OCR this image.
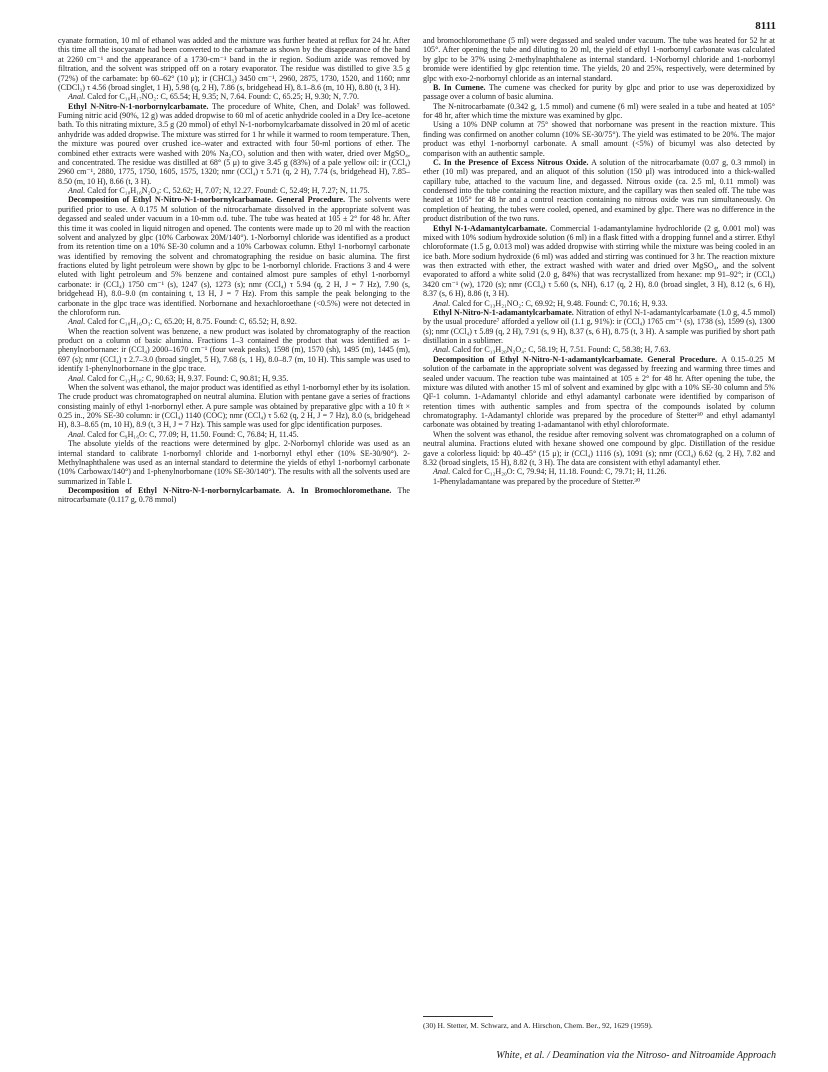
8111

cyanate formation, 10 ml of ethanol was added and the mixture was further heated at reflux for 24 hr. After this time all the isocyanate had been converted to the carbamate as shown by the disappearance of the band at 2260 cm⁻¹ and the appearance of a 1730-cm⁻¹ band in the ir region. Sodium azide was removed by filtration, and the solvent was stripped off on a rotary evaporator. The residue was distilled to give 3.5 g (72%) of the carbamate: bp 60–62° (10 μ); ir (CHCl₃) 3450 cm⁻¹, 2960, 2875, 1730, 1520, and 1160; nmr (CDCl₃) τ 4.56 (broad singlet, 1 H), 5.98 (q, 2 H), 7.86 (s, bridgehead H), 8.1–8.6 (m, 10 H), 8.80 (t, 3 H).

Anal. Calcd for C₁₀H₁₇NO₂: C, 65.54; H, 9.35; N, 7.64. Found: C, 65.25; H, 9.30; N, 7.70.

Ethyl N-Nitro-N-1-norbornylcarbamate. The procedure of White, Chen, and Dolak⁷ was followed. Fuming nitric acid (90%, 12 g) was added dropwise to 60 ml of acetic anhydride cooled in a Dry Ice–acetone bath. To this nitrating mixture, 3.5 g (20 mmol) of ethyl N-1-norbornylcarbamate dissolved in 20 ml of acetic anhydride was added dropwise. The mixture was stirred for 1 hr while it warmed to room temperature. Then, the mixture was poured over crushed ice–water and extracted with four 50-ml portions of ether. The combined ether extracts were washed with 20% Na₂CO₃ solution and then with water, dried over MgSO₄, and concentrated. The residue was distilled at 68° (5 μ) to give 3.45 g (83%) of a pale yellow oil: ir (CCl₄) 2960 cm⁻¹, 2880, 1775, 1750, 1605, 1575, 1320; nmr (CCl₄) τ 5.71 (q, 2 H), 7.74 (s, bridgehead H), 7.85–8.50 (m, 10 H), 8.66 (t, 3 H).

Anal. Calcd for C₁₀H₁₆N₂O₄: C, 52.62; H, 7.07; N, 12.27. Found: C, 52.49; H, 7.27; N, 11.75.

Decomposition of Ethyl N-Nitro-N-1-norbornylcarbamate. General Procedure. The solvents were purified prior to use. A 0.175 M solution of the nitrocarbamate dissolved in the appropriate solvent was degassed and sealed under vacuum in a 10-mm o.d. tube. The tube was heated at 105 ± 2° for 48 hr. After this time it was cooled in liquid nitrogen and opened. The contents were made up to 20 ml with the reaction solvent and analyzed by glpc (10% Carbowax 20M/140°). 1-Norbornyl chloride was identified as a product from its retention time on a 10% SE-30 column and a 10% Carbowax column. Ethyl 1-norbornyl carbonate was identified by removing the solvent and chromatographing the residue on basic alumina. The first fractions eluted by light petroleum were shown by glpc to be 1-norbornyl chloride. Fractions 3 and 4 were eluted with light petroleum and 5% benzene and contained almost pure samples of ethyl 1-norbornyl carbonate: ir (CCl₄) 1750 cm⁻¹ (s), 1247 (s), 1273 (s); nmr (CCl₄) τ 5.94 (q, 2 H, J = 7 Hz), 7.90 (s, bridgehead H), 8.0–9.0 (m containing t, 13 H, J = 7 Hz). From this sample the peak belonging to the carbonate in the glpc trace was identified. Norbornane and hexachloroethane (<0.5%) were not detected in the chloroform run.

Anal. Calcd for C₁₀H₁₆O₃: C, 65.20; H, 8.75. Found: C, 65.52; H, 8.92.

When the reaction solvent was benzene, a new product was isolated by chromatography of the reaction product on a column of basic alumina. Fractions 1–3 contained the product that was identified as 1-phenylnorbornane: ir (CCl₄) 2000–1670 cm⁻¹ (four weak peaks), 1598 (m), 1570 (sh), 1495 (m), 1445 (m), 697 (s); nmr (CCl₄) τ 2.7–3.0 (broad singlet, 5 H), 7.68 (s, 1 H), 8.0–8.7 (m, 10 H). This sample was used to identify 1-phenylnorbornane in the glpc trace.

Anal. Calcd for C₁₃H₁₆: C, 90.63; H, 9.37. Found: C, 90.81; H, 9.35.

When the solvent was ethanol, the major product was identified as ethyl 1-norbornyl ether by its isolation. The crude product was chromatographed on neutral alumina. Elution with pentane gave a series of fractions consisting mainly of ethyl 1-norbornyl ether. A pure sample was obtained by preparative glpc with a 10 ft × 0.25 in., 20% SE-30 column: ir (CCl₄) 1140 (COC); nmr (CCl₄) τ 5.62 (q, 2 H, J = 7 Hz), 8.0 (s, bridgehead H), 8.3–8.65 (m, 10 H), 8.9 (t, 3 H, J = 7 Hz). This sample was used for glpc identification purposes.

Anal. Calcd for C₉H₁₆O: C, 77.09; H, 11.50. Found: C, 76.84; H, 11.45.

The absolute yields of the reactions were determined by glpc. 2-Norbornyl chloride was used as an internal standard to calibrate 1-norbornyl chloride and 1-norbornyl ethyl ether (10% SE-30/90°). 2-Methylnaphthalene was used as an internal standard to determine the yields of ethyl 1-norbornyl carbonate (10% Carbowax/140°) and 1-phenylnorbornane (10% SE-30/140°). The results with all the solvents used are summarized in Table I.

Decomposition of Ethyl N-Nitro-N-1-norbornylcarbamate. A. In Bromochloromethane. The nitrocarbamate (0.117 g, 0.78 mmol)

and bromochloromethane (5 ml) were degassed and sealed under vacuum. The tube was heated for 52 hr at 105°. After opening the tube and diluting to 20 ml, the yield of ethyl 1-norbornyl carbonate was calculated by glpc to be 37% using 2-methylnaphthalene as internal standard. 1-Norbornyl chloride and 1-norbornyl bromide were identified by glpc retention time. The yields, 20 and 25%, respectively, were determined by glpc with exo-2-norbornyl chloride as an internal standard.

B. In Cumene. The cumene was checked for purity by glpc and prior to use was deperoxidized by passage over a column of basic alumina.

The N-nitrocarbamate (0.342 g, 1.5 mmol) and cumene (6 ml) were sealed in a tube and heated at 105° for 48 hr, after which time the mixture was examined by glpc.

Using a 10% DNP column at 75° showed that norbornane was present in the reaction mixture. This finding was confirmed on another column (10% SE-30/75°). The yield was estimated to be 20%. The major product was ethyl 1-norbornyl carbonate. A small amount (<5%) of bicumyl was also detected by comparison with an authentic sample.

C. In the Presence of Excess Nitrous Oxide. A solution of the nitrocarbamate (0.07 g, 0.3 mmol) in ether (10 ml) was prepared, and an aliquot of this solution (150 μl) was introduced into a thick-walled capillary tube, attached to the vacuum line, and degassed. Nitrous oxide (ca. 2.5 ml, 0.11 mmol) was condensed into the tube containing the reaction mixture, and the capillary was then sealed off. The tube was heated at 105° for 48 hr and a control reaction containing no nitrous oxide was run simultaneously. On completion of heating, the tubes were cooled, opened, and examined by glpc. There was no difference in the product distribution of the two runs.

Ethyl N-1-Adamantylcarbamate. Commercial 1-adamantylamine hydrochloride (2 g, 0.001 mol) was mixed with 10% sodium hydroxide solution (6 ml) in a flask fitted with a dropping funnel and a stirrer. Ethyl chloroformate (1.5 g, 0.013 mol) was added dropwise with stirring while the mixture was being cooled in an ice bath. More sodium hydroxide (6 ml) was added and stirring was continued for 3 hr. The reaction mixture was then extracted with ether, the extract washed with water and dried over MgSO₄, and the solvent evaporated to afford a white solid (2.0 g, 84%) that was recrystallized from hexane: mp 91–92°; ir (CCl₄) 3420 cm⁻¹ (w), 1720 (s); nmr (CCl₄) τ 5.60 (s, NH), 6.17 (q, 2 H), 8.0 (broad singlet, 3 H), 8.12 (s, 6 H), 8.37 (s, 6 H), 8.86 (t, 3 H).

Anal. Calcd for C₁₃H₂₁NO₂: C, 69.92; H, 9.48. Found: C, 70.16; H, 9.33.

Ethyl N-Nitro-N-1-adamantylcarbamate. Nitration of ethyl N-1-adamantylcarbamate (1.0 g, 4.5 mmol) by the usual procedure⁷ afforded a yellow oil (1.1 g, 91%): ir (CCl₄) 1765 cm⁻¹ (s), 1738 (s), 1599 (s), 1300 (s); nmr (CCl₄) τ 5.89 (q, 2 H), 7.91 (s, 9 H), 8.37 (s, 6 H), 8.75 (t, 3 H). A sample was purified by short path distillation in a sublimer.

Anal. Calcd for C₁₃H₂₀N₂O₄: C, 58.19; H, 7.51. Found: C, 58.38; H, 7.63.

Decomposition of Ethyl N-Nitro-N-1-adamantylcarbamate. General Procedure. A 0.15–0.25 M solution of the carbamate in the appropriate solvent was degassed by freezing and warming three times and sealed under vacuum. The reaction tube was maintained at 105 ± 2° for 48 hr. After opening the tube, the mixture was diluted with another 15 ml of solvent and examined by glpc with a 10% SE-30 column and 5% QF-1 column. 1-Adamantyl chloride and ethyl adamantyl carbonate were identified by comparison of retention times with authentic samples and from spectra of the compounds isolated by column chromatography. 1-Adamantyl chloride was prepared by the procedure of Stetter³⁰ and ethyl adamantyl carbonate was obtained by treating 1-adamantanol with ethyl chloroformate.

When the solvent was ethanol, the residue after removing solvent was chromatographed on a column of neutral alumina. Fractions eluted with hexane showed one compound by glpc. Distillation of the residue gave a colorless liquid: bp 40–45° (15 μ); ir (CCl₄) 1116 (s), 1091 (s); nmr (CCl₄) 6.62 (q, 2 H), 7.82 and 8.32 (broad singlets, 15 H), 8.82 (t, 3 H). The data are consistent with ethyl adamantyl ether.

Anal. Calcd for C₁₂H₂₀O: C, 79.94; H, 11.18. Found: C, 79.71; H, 11.26.

1-Phenyladamantane was prepared by the procedure of Stetter.³⁰

(30) H. Stetter, M. Schwarz, and A. Hirschon, Chem. Ber., 92, 1629 (1959).
White, et al. / Deamination via the Nitroso- and Nitroamide Approach
